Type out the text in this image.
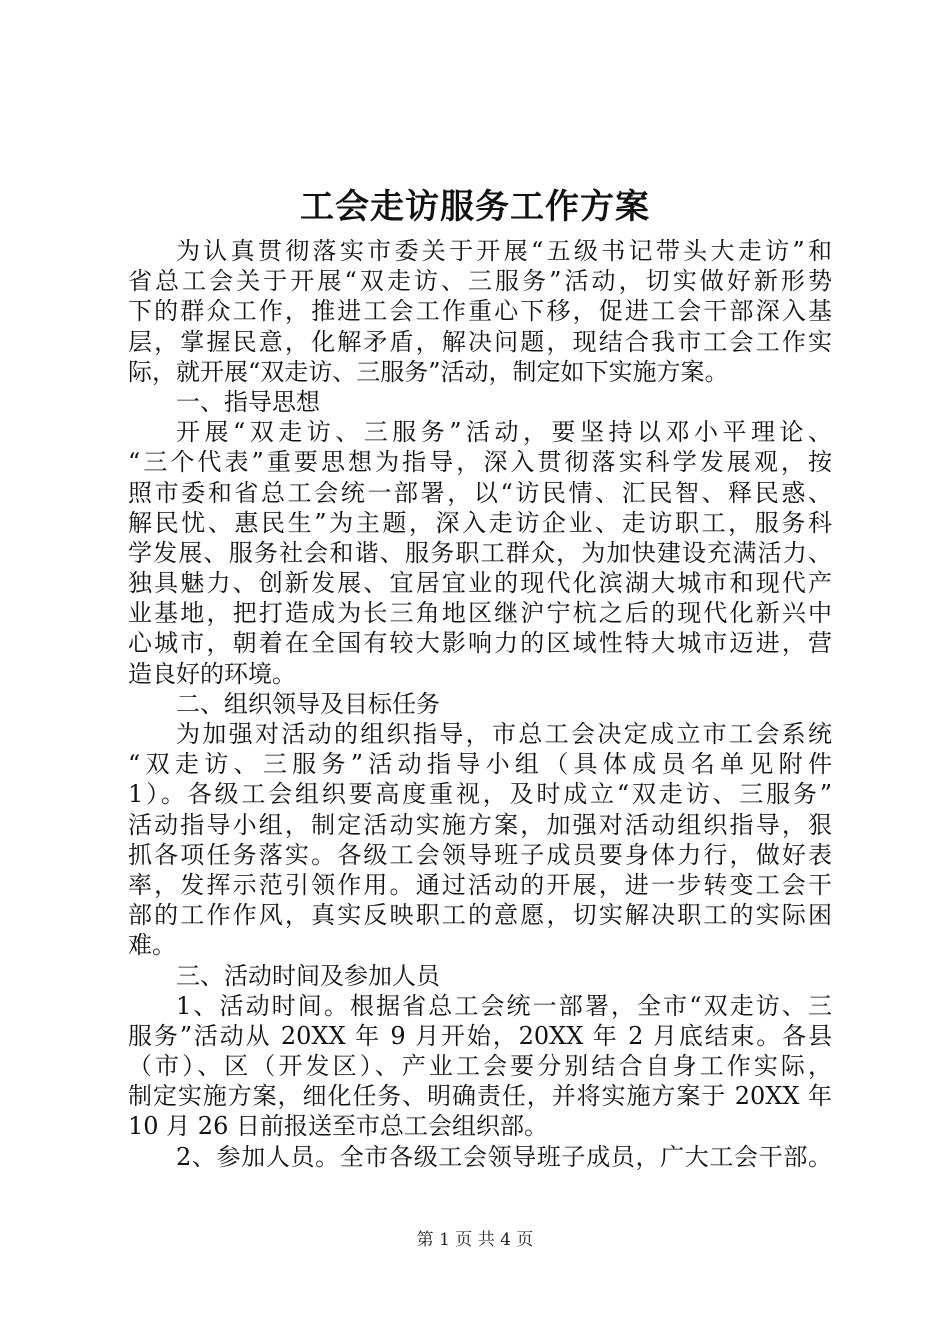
工会走访服务工作方案
为认真贯彻落实市委关于开展“五级书记带头大走访”和
省总工会关于开展“双走访、三服务”活动，切实做好新形势
下的群众工作，推进工会工作重心下移，促进工会干部深入基
层，掌握民意，化解矛盾，解决问题，现结合我市工会工作实
际，就开展“双走访、三服务”活动，制定如下实施方案。
一、指导思想
开展“双走访、三服务”活动，要坚持以邓小平理论、
“三个代表”重要思想为指导，深入贯彻落实科学发展观，按
照市委和省总工会统一部署，以“访民情、汇民智、释民惑、
解民忧、惠民生”为主题，深入走访企业、走访职工，服务科
学发展、服务社会和谐、服务职工群众，为加快建设充满活力、
独具魅力、创新发展、宜居宜业的现代化滨湖大城市和现代产
业基地，把打造成为长三角地区继沪宁杭之后的现代化新兴中
心城市，朝着在全国有较大影响力的区域性特大城市迈进，营
造良好的环境。
二、组织领导及目标任务
为加强对活动的组织指导，市总工会决定成立市工会系统
“双走访、三服务”活动指导小组（具体成员名单见附件
1）。各级工会组织要高度重视，及时成立“双走访、三服务”
活动指导小组，制定活动实施方案，加强对活动组织指导，狠
抓各项任务落实。各级工会领导班子成员要身体力行，做好表
率，发挥示范引领作用。通过活动的开展，进一步转变工会干
部的工作作风，真实反映职工的意愿，切实解决职工的实际困
难。
三、活动时间及参加人员
1、活动时间。根据省总工会统一部署，全市“双走访、三
服务”活动从 20XX 年 9 月开始，20XX 年 2 月底结束。各县
（市）、区（开发区）、产业工会要分别结合自身工作实际，
制定实施方案，细化任务、明确责任，并将实施方案于 20XX 年
10 月 26 日前报送至市总工会组织部。
2、参加人员。全市各级工会领导班子成员，广大工会干部。
第 1 页 共 4 页
